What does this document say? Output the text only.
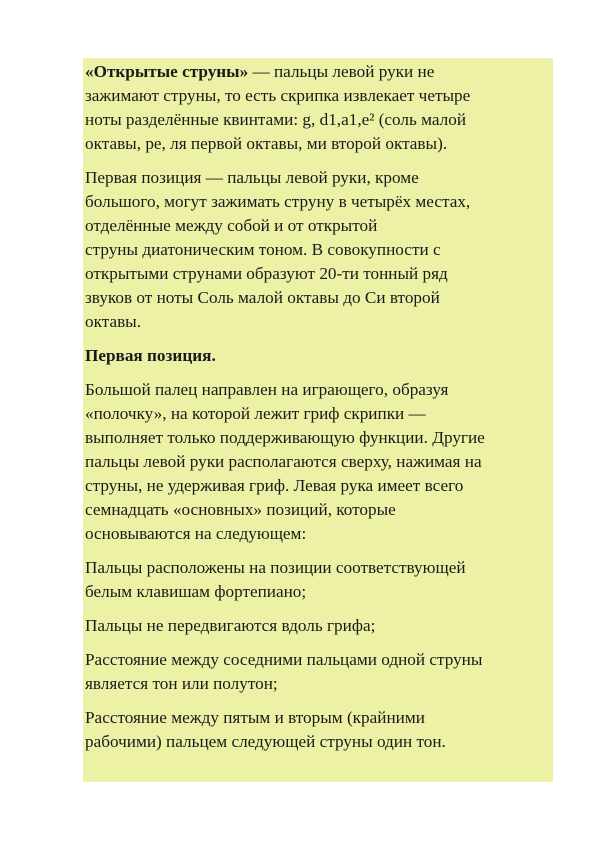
«Открытые струны» — пальцы левой руки не
зажимают струны, то есть скрипка извлекает четыре
ноты разделённые квинтами: g, d1,a1,e² (соль малой
октавы, ре, ля первой октавы, ми второй октавы).

Первая позиция — пальцы левой руки, кроме
большого, могут зажимать струну в четырёх местах,
отделённые между собой и от открытой
струны диатоническим тоном. В совокупности с
открытыми струнами образуют 20-ти тонный ряд
звуков от ноты Соль малой октавы до Си второй
октавы.

Первая позиция.

Большой палец направлен на играющего, образуя
«полочку», на которой лежит гриф скрипки —
выполняет только поддерживающую функции. Другие
пальцы левой руки располагаются сверху, нажимая на
струны, не удерживая гриф. Левая рука имеет всего
семнадцать «основных» позиций, которые
основываются на следующем:

Пальцы расположены на позиции соответствующей
белым клавишам фортепиано;

Пальцы не передвигаются вдоль грифа;

Расстояние между соседними пальцами одной струны
является тон или полутон;

Расстояние между пятым и вторым (крайними
рабочими) пальцем следующей струны один тон.
